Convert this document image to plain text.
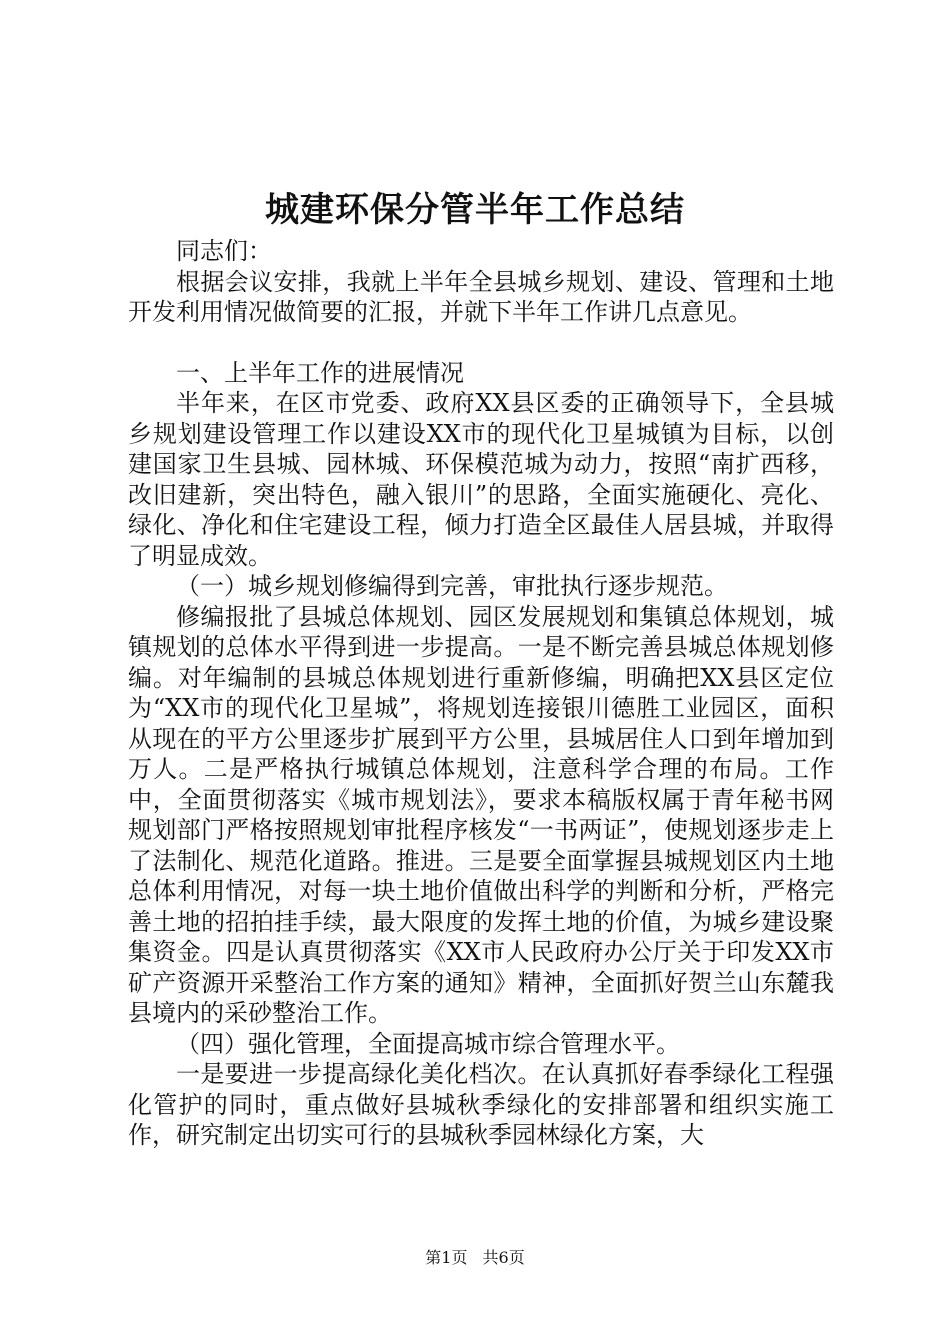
城建环保分管半年工作总结

同志们：

根据会议安排，我就上半年全县城乡规划、建设、管理和土地开发利用情况做简要的汇报，并就下半年工作讲几点意见。

一、上半年工作的进展情况

半年来，在区市党委、政府XX县区委的正确领导下，全县城乡规划建设管理工作以建设XX市的现代化卫星城镇为目标，以创建国家卫生县城、园林城、环保模范城为动力，按照“南扩西移，改旧建新，突出特色，融入银川”的思路，全面实施硬化、亮化、绿化、净化和住宅建设工程，倾力打造全区最佳人居县城，并取得了明显成效。

（一）城乡规划修编得到完善，审批执行逐步规范。

修编报批了县城总体规划、园区发展规划和集镇总体规划，城镇规划的总体水平得到进一步提高。一是不断完善县城总体规划修编。对年编制的县城总体规划进行重新修编，明确把XX县区定位为“XX市的现代化卫星城”，将规划连接银川德胜工业园区，面积从现在的平方公里逐步扩展到平方公里，县城居住人口到年增加到万人。二是严格执行城镇总体规划，注意科学合理的布局。工作中，全面贯彻落实《城市规划法》，要求本稿版权属于青年秘书网规划部门严格按照规划审批程序核发“一书两证”，使规划逐步走上了法制化、规范化道路。推进。三是要全面掌握县城规划区内土地总体利用情况，对每一块土地价值做出科学的判断和分析，严格完善土地的招拍挂手续，最大限度的发挥土地的价值，为城乡建设聚集资金。四是认真贯彻落实《XX市人民政府办公厅关于印发XX市矿产资源开采整治工作方案的通知》精神，全面抓好贺兰山东麓我县境内的采砂整治工作。

（四）强化管理，全面提高城市综合管理水平。

一是要进一步提高绿化美化档次。在认真抓好春季绿化工程强化管护的同时，重点做好县城秋季绿化的安排部署和组织实施工作，研究制定出切实可行的县城秋季园林绿化方案，大

第1页 共6页
